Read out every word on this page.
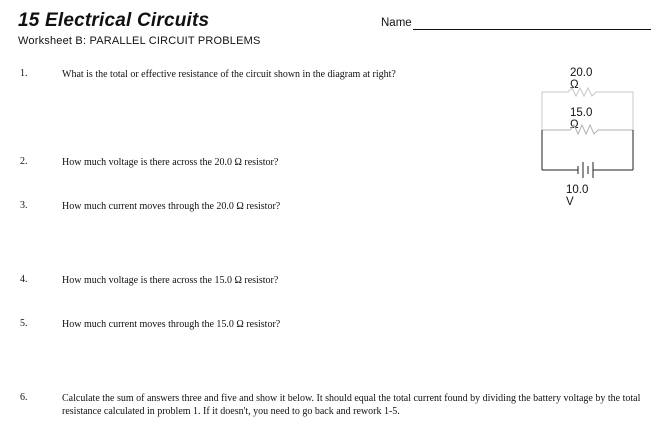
15 Electrical Circuits
Worksheet B: PARALLEL CIRCUIT PROBLEMS
Name
1.	What is the total or effective resistance of the circuit shown in the diagram at right?
2.	How much voltage is there across the 20.0 Ω resistor?
3.	How much current moves through the 20.0 Ω resistor?
4.	How much voltage is there across the 15.0 Ω resistor?
5.	How much current moves through the 15.0 Ω resistor?
6.	Calculate the sum of answers three and five and show it below. It should equal the total current found by dividing the battery voltage by the total resistance calculated in problem 1. If it doesn't, you need to go back and rework 1-5.
20.0 Ω
15.0 Ω
10.0 V
